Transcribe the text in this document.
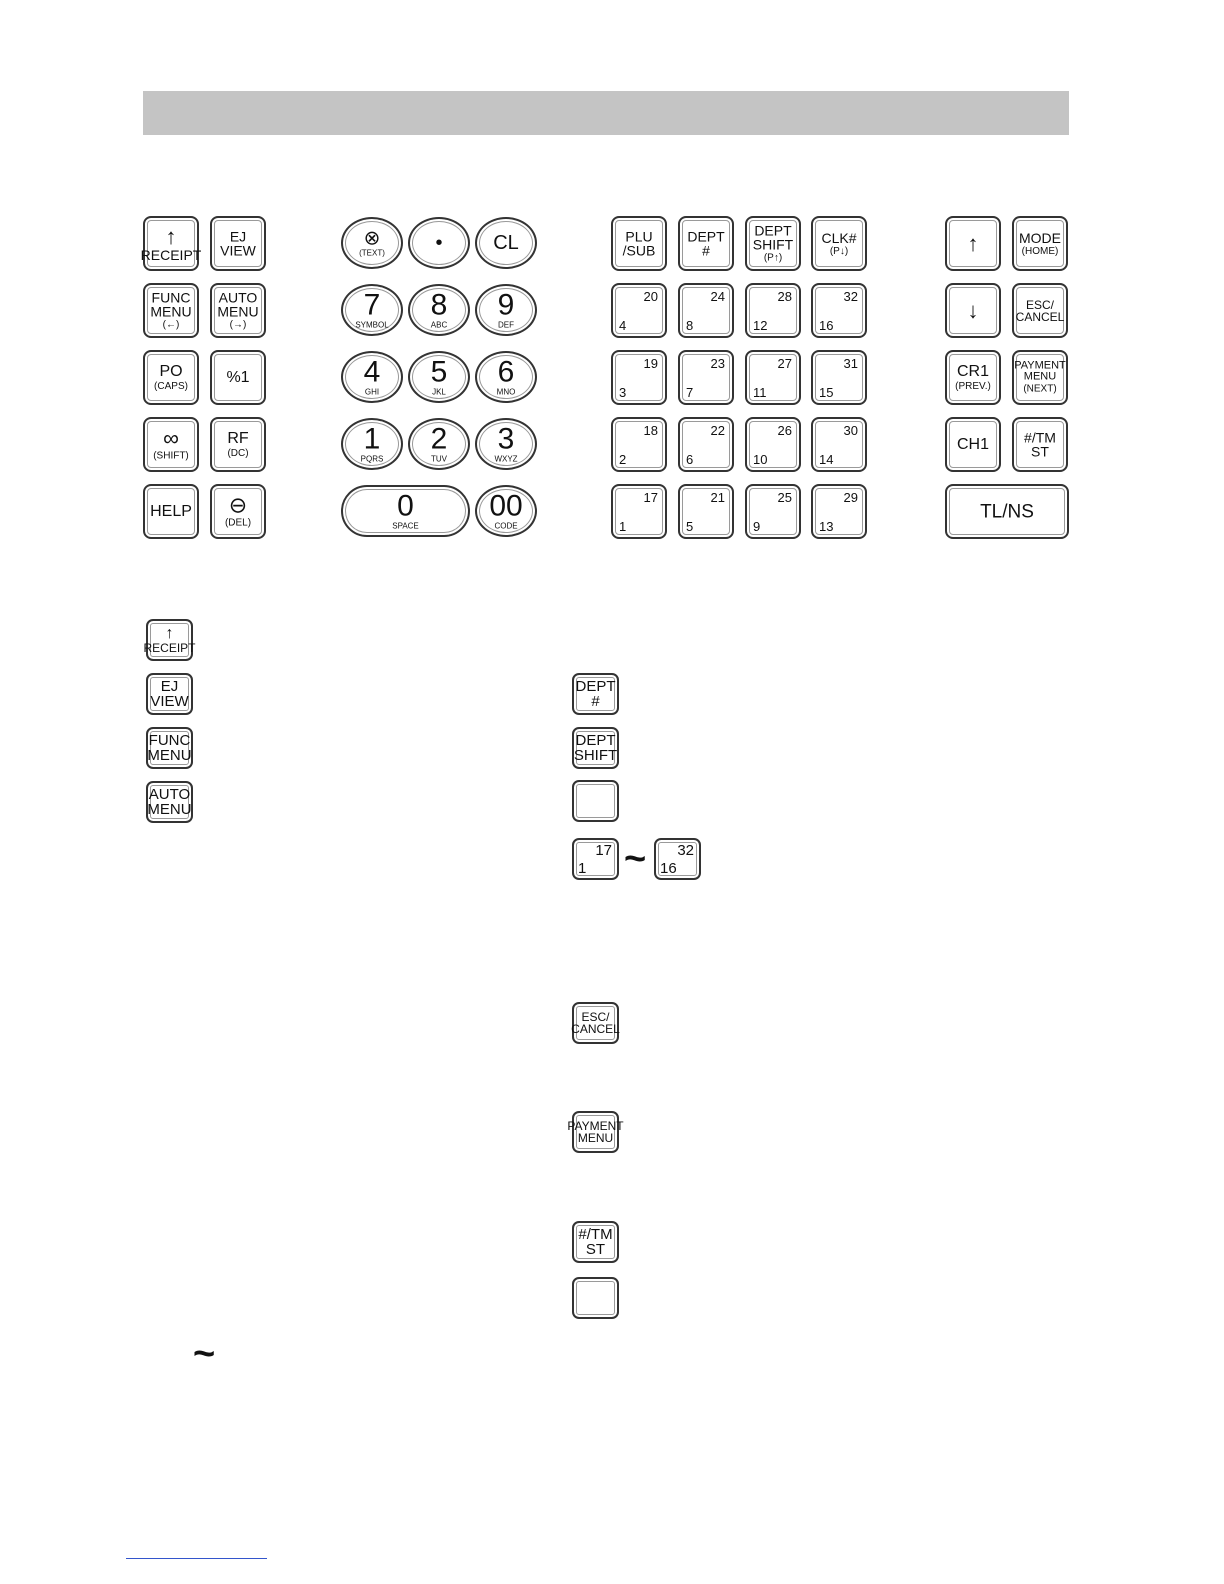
↑
RECEIPT
EJ
VIEW
FUNC
MENU
(←)
AUTO
MENU
(→)
PO
(CAPS)
%1
∞
(SHIFT)
RF
(DC)
HELP ⊖
(DEL)
⊗
(TEXT)	•	CL
7
SYMBOL
8
ABC
9
DEF
4
GHI
5
JKL
6
MNO
1
PQRS
2
TUV
3
WXYZ
0
SPACE
00
CODE
PLU
/SUB
DEPT
#
DEPT
SHIFT
(P↑)
CLK#
(P↓)
20
4
24
8
28
12
32
16
19
3
23
7
27
11
31
15
18
2
22
6
26
10
30
14
17
1
21
5
25
9
29
13
↑	MODE
(HOME)
↓	ESC/
CANCEL
CR1
(PREV.)
PAYMENT
MENU
(NEXT)
CH1	#/TM
ST
TL/NS
↑
RECEIPT
EJ
VIEW
FUNC
MENU
AUTO
MENU
DEPT
#
DEPT
SHIFT
17
1 ~ 32
16
ESC/
CANCEL
PAYMENT
MENU
#/TM
ST
~
